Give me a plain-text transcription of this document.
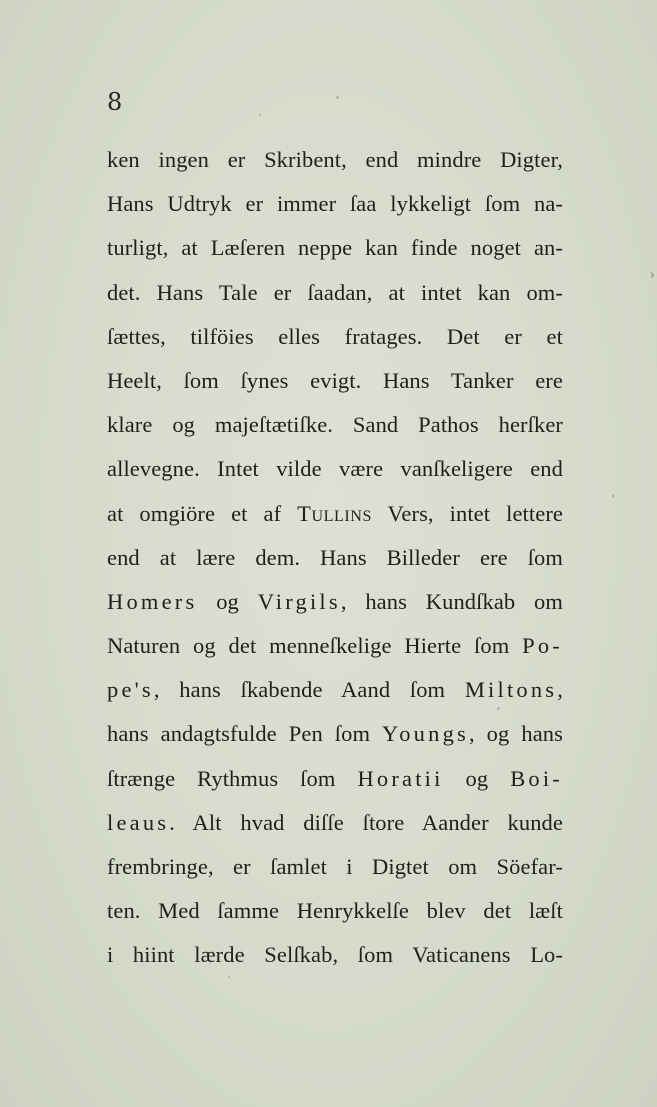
8
ken ingen er Skribent, end mindre Digter,
Hans Udtryk er immer ſaa lykkeligt ſom na-
turligt, at Læſeren neppe kan finde noget an-
det. Hans Tale er ſaadan, at intet kan om-
ſættes, tilföies elles fratages. Det er et
Heelt, ſom ſynes evigt. Hans Tanker ere
klare og majeſtætiſke. Sand Pathos herſker
allevegne. Intet vilde være vanſkeligere end
at omgiöre et af Tullins Vers, intet lettere
end at lære dem. Hans Billeder ere ſom
Homers og Virgils, hans Kundſkab om
Naturen og det menneſkelige Hierte ſom Po-
pe's, hans ſkabende Aand ſom Miltons,
hans andagtsfulde Pen ſom Youngs, og hans
ſtrænge Rythmus ſom Horatii og Boi-
leaus. Alt hvad diſſe ſtore Aander kunde
frembringe, er ſamlet i Digtet om Söefar-
ten. Med ſamme Henrykkelſe blev det læſt
i hiint lærde Selſkab, ſom Vaticanens Lo-
›
